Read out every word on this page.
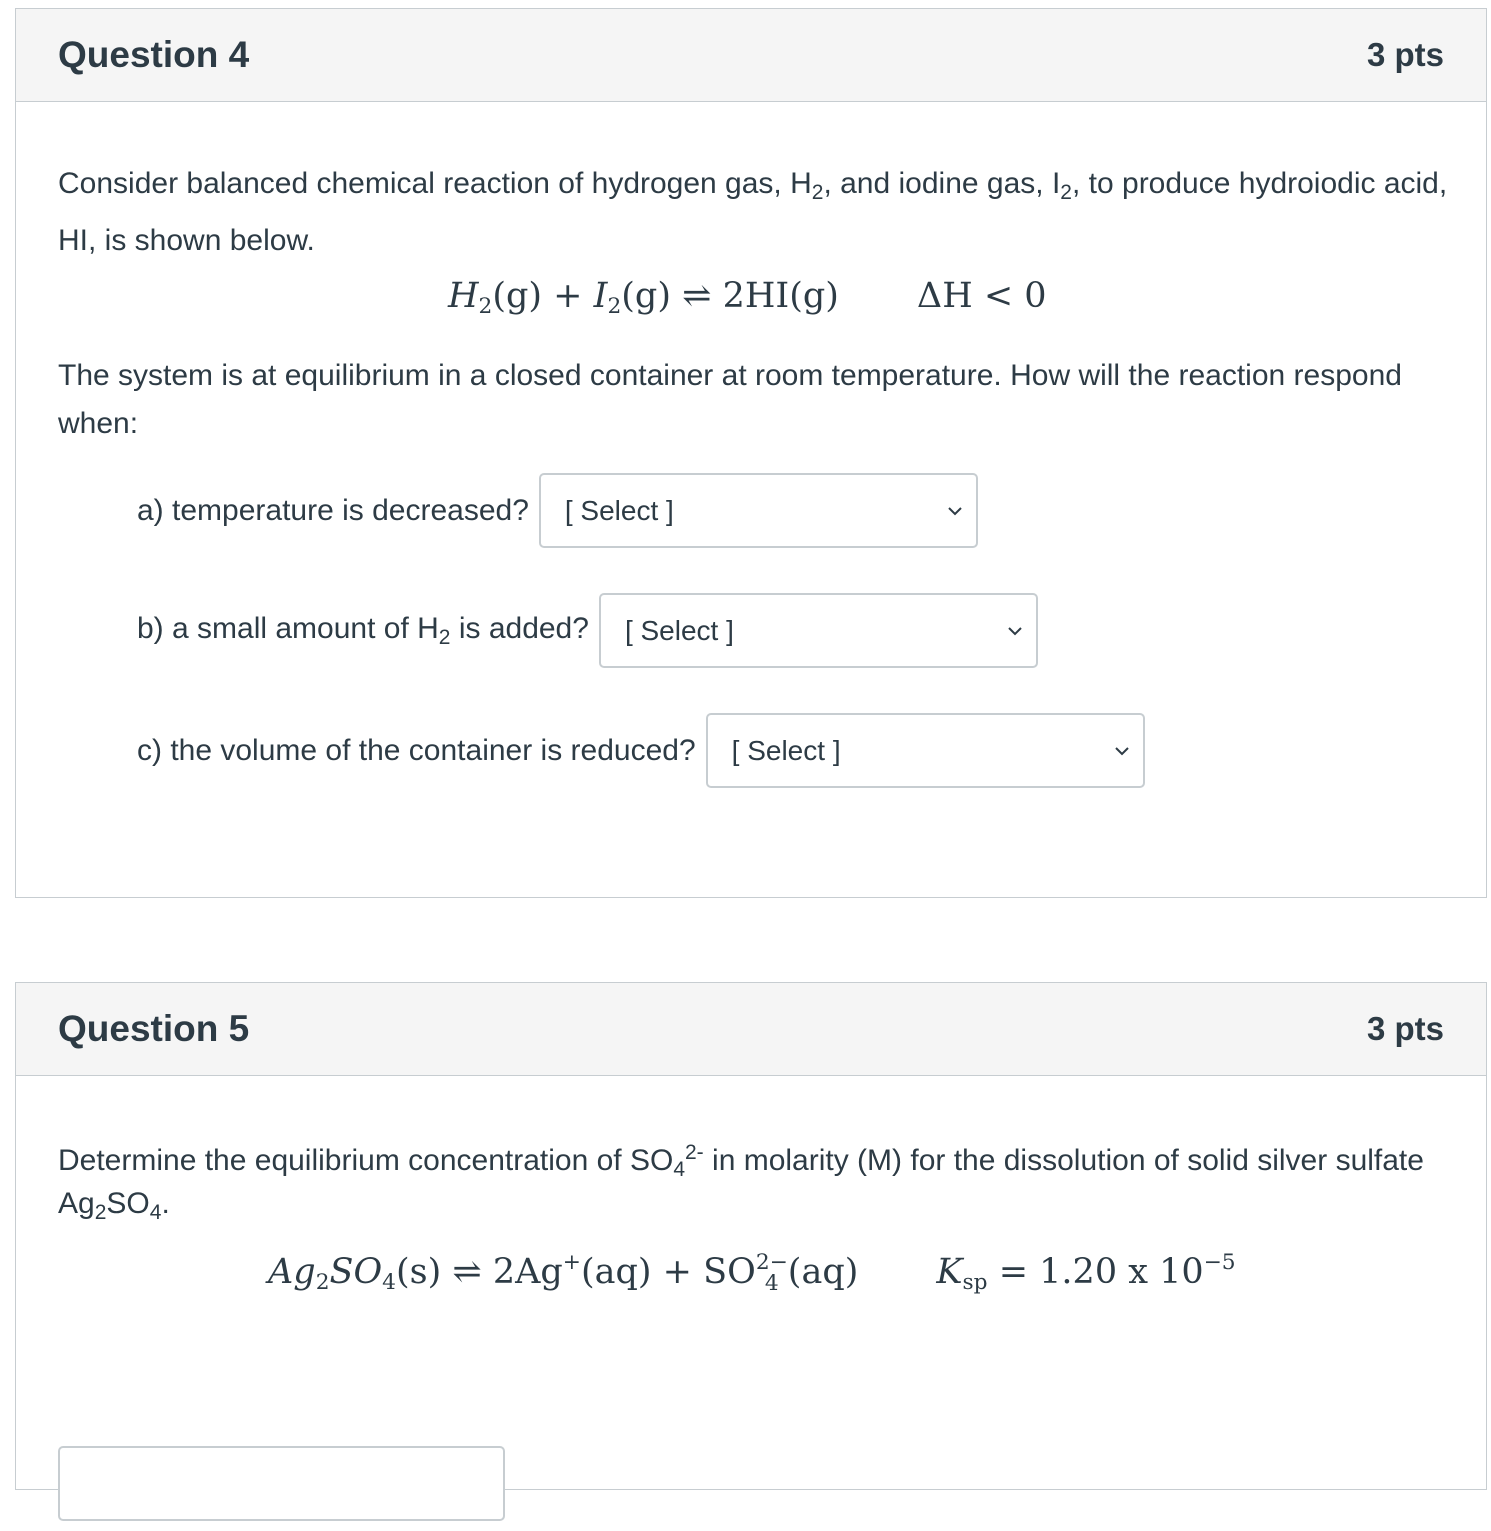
Question 4	3 pts

Consider balanced chemical reaction of hydrogen gas, $H_2$, and iodine gas, $I_2$, to produce hydroiodic acid, HI, is shown below.

$H_2(g) + I_2(g)$ ⇌ 2HI(g) ΔH < 0

The system is at equilibrium in a closed container at room temperature. How will the reaction respond when:

a) temperature is decreased? [ Select ]
b) a small amount of $H_2$ is added? [ Select ]
c) the volume of the container is reduced? [ Select ]
Question 5	3 pts

Determine the equilibrium concentration of $SO_4^{2-}$ in molarity (M) for the dissolution of solid silver sulfate $Ag_2SO_4$.

$Ag_2SO_4(s)$ ⇌ 2Ag+(aq) + SO 2−
4 (aq) $K_{sp} = 1.20$ x $10^{-5}$
